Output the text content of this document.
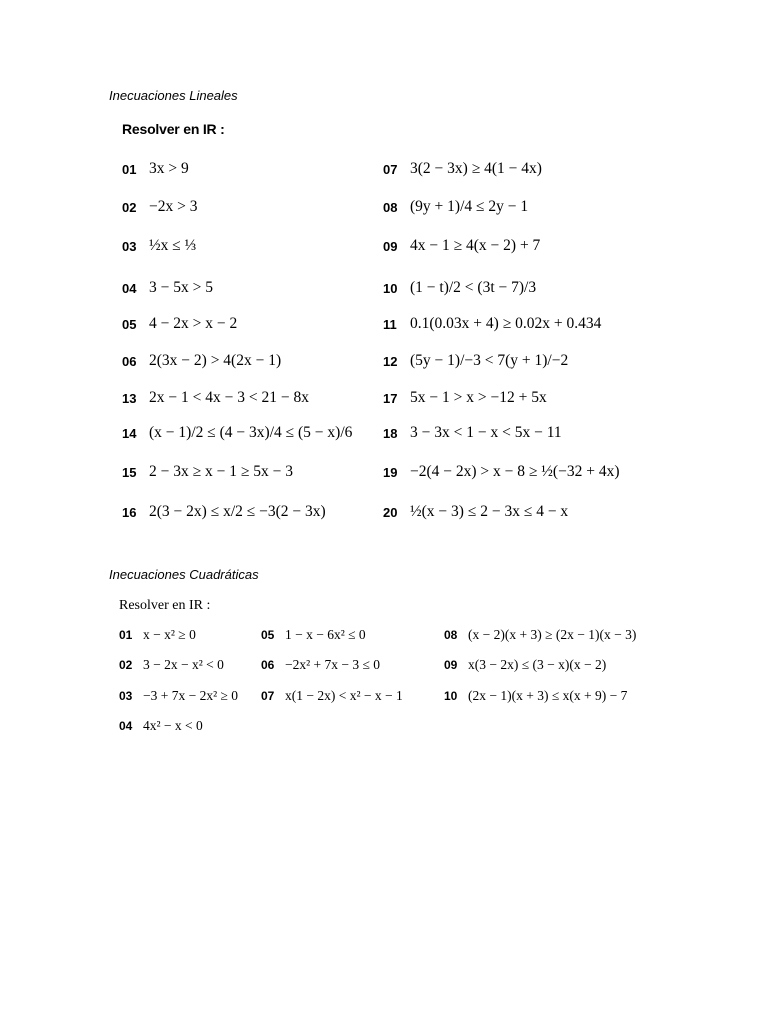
Inecuaciones Lineales
Resolver en IR :
01 3x > 9
02 −2x > 3
03 ½x ≤ ⅓
04 3 − 5x > 5
05 4 − 2x > x − 2
06 2(3x − 2) > 4(2x − 1)
13 2x − 1 < 4x − 3 < 21 − 8x
14 (x − 1)/2 ≤ (4 − 3x)/4 ≤ (5 − x)/6
15 2 − 3x ≥ x − 1 ≥ 5x − 3
16 2(3 − 2x) ≤ x/2 ≤ −3(2 − 3x)
07 3(2 − 3x) ≥ 4(1 − 4x)
08 (9y + 1)/4 ≤ 2y − 1
09 4x − 1 ≥ 4(x − 2) + 7
10 (1 − t)/2 < (3t − 7)/3
11 0.1(0.03x + 4) ≥ 0.02x + 0.434
12 (5y − 1)/−3 < 7(y + 1)/−2
17 5x − 1 > x > −12 + 5x
18 3 − 3x < 1 − x < 5x − 11
19 −2(4 − 2x) > x − 8 ≥ ½(−32 + 4x)
20 ½(x − 3) ≤ 2 − 3x ≤ 4 − x
Inecuaciones Cuadráticas
Resolver en IR :
01 x − x² ≥ 0
02 3 − 2x − x² < 0
03 −3 + 7x − 2x² ≥ 0
04 4x² − x < 0
05 1 − x − 6x² ≤ 0
06 −2x² + 7x − 3 ≤ 0
07 x(1 − 2x) < x² − x − 1
08 (x − 2)(x + 3) ≥ (2x − 1)(x − 3)
09 x(3 − 2x) ≤ (3 − x)(x − 2)
10 (2x − 1)(x + 3) ≤ x(x + 9) − 7
